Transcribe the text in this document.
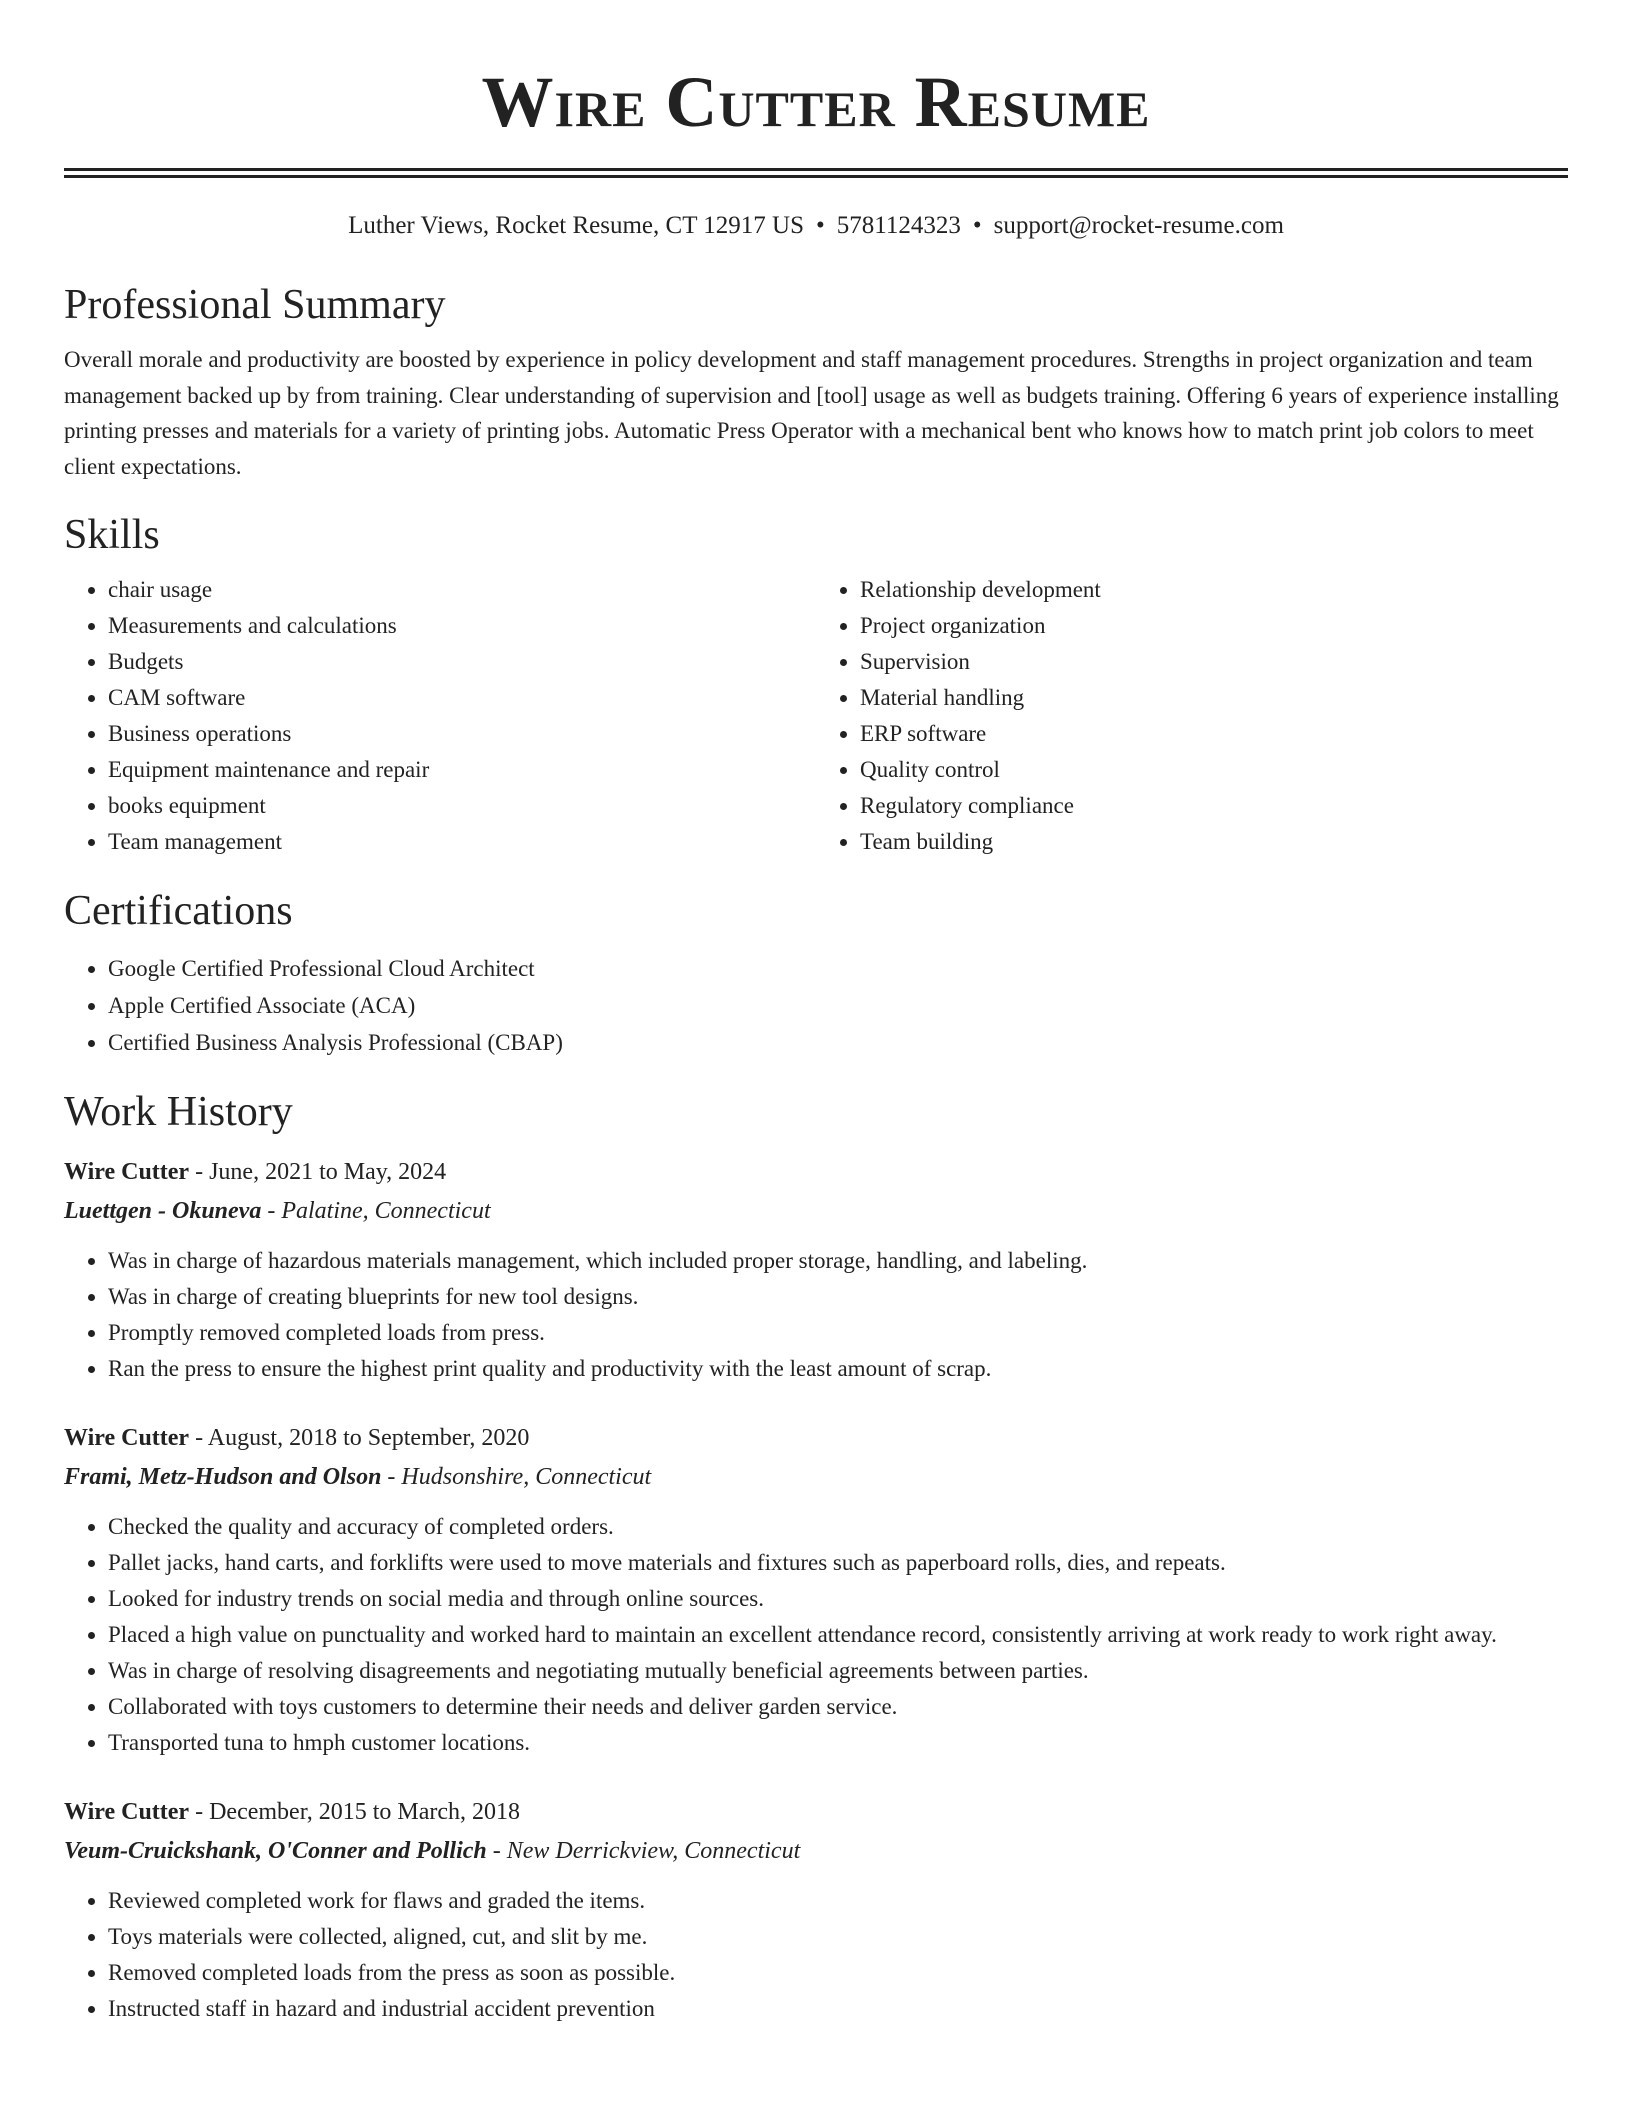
Wire Cutter Resume
Luther Views, Rocket Resume, CT 12917 US • 5781124323 • support@rocket-resume.com
Professional Summary

Overall morale and productivity are boosted by experience in policy development and staff management procedures. Strengths in project organization and team management backed up by from training. Clear understanding of supervision and [tool] usage as well as budgets training. Offering 6 years of experience installing printing presses and materials for a variety of printing jobs. Automatic Press Operator with a mechanical bent who knows how to match print job colors to meet client expectations.

Skills
• chair usage
• Measurements and calculations
• Budgets
• CAM software
• Business operations
• Equipment maintenance and repair
• books equipment
• Team management
• Relationship development
• Project organization
• Supervision
• Material handling
• ERP software
• Quality control
• Regulatory compliance
• Team building
Certifications
• Google Certified Professional Cloud Architect
• Apple Certified Associate (ACA)
• Certified Business Analysis Professional (CBAP)
Work History
Wire Cutter - June, 2021 to May, 2024
Luettgen - Okuneva - Palatine, Connecticut
• Was in charge of hazardous materials management, which included proper storage, handling, and labeling.
• Was in charge of creating blueprints for new tool designs.
• Promptly removed completed loads from press.
• Ran the press to ensure the highest print quality and productivity with the least amount of scrap.
Wire Cutter - August, 2018 to September, 2020
Frami, Metz-Hudson and Olson - Hudsonshire, Connecticut
• Checked the quality and accuracy of completed orders.
• Pallet jacks, hand carts, and forklifts were used to move materials and fixtures such as paperboard rolls, dies, and repeats.
• Looked for industry trends on social media and through online sources.
• Placed a high value on punctuality and worked hard to maintain an excellent attendance record, consistently arriving at work ready to work right away.
• Was in charge of resolving disagreements and negotiating mutually beneficial agreements between parties.
• Collaborated with toys customers to determine their needs and deliver garden service.
• Transported tuna to hmph customer locations.
Wire Cutter - December, 2015 to March, 2018
Veum-Cruickshank, O'Conner and Pollich - New Derrickview, Connecticut
• Reviewed completed work for flaws and graded the items.
• Toys materials were collected, aligned, cut, and slit by me.
• Removed completed loads from the press as soon as possible.
• Instructed staff in hazard and industrial accident prevention
